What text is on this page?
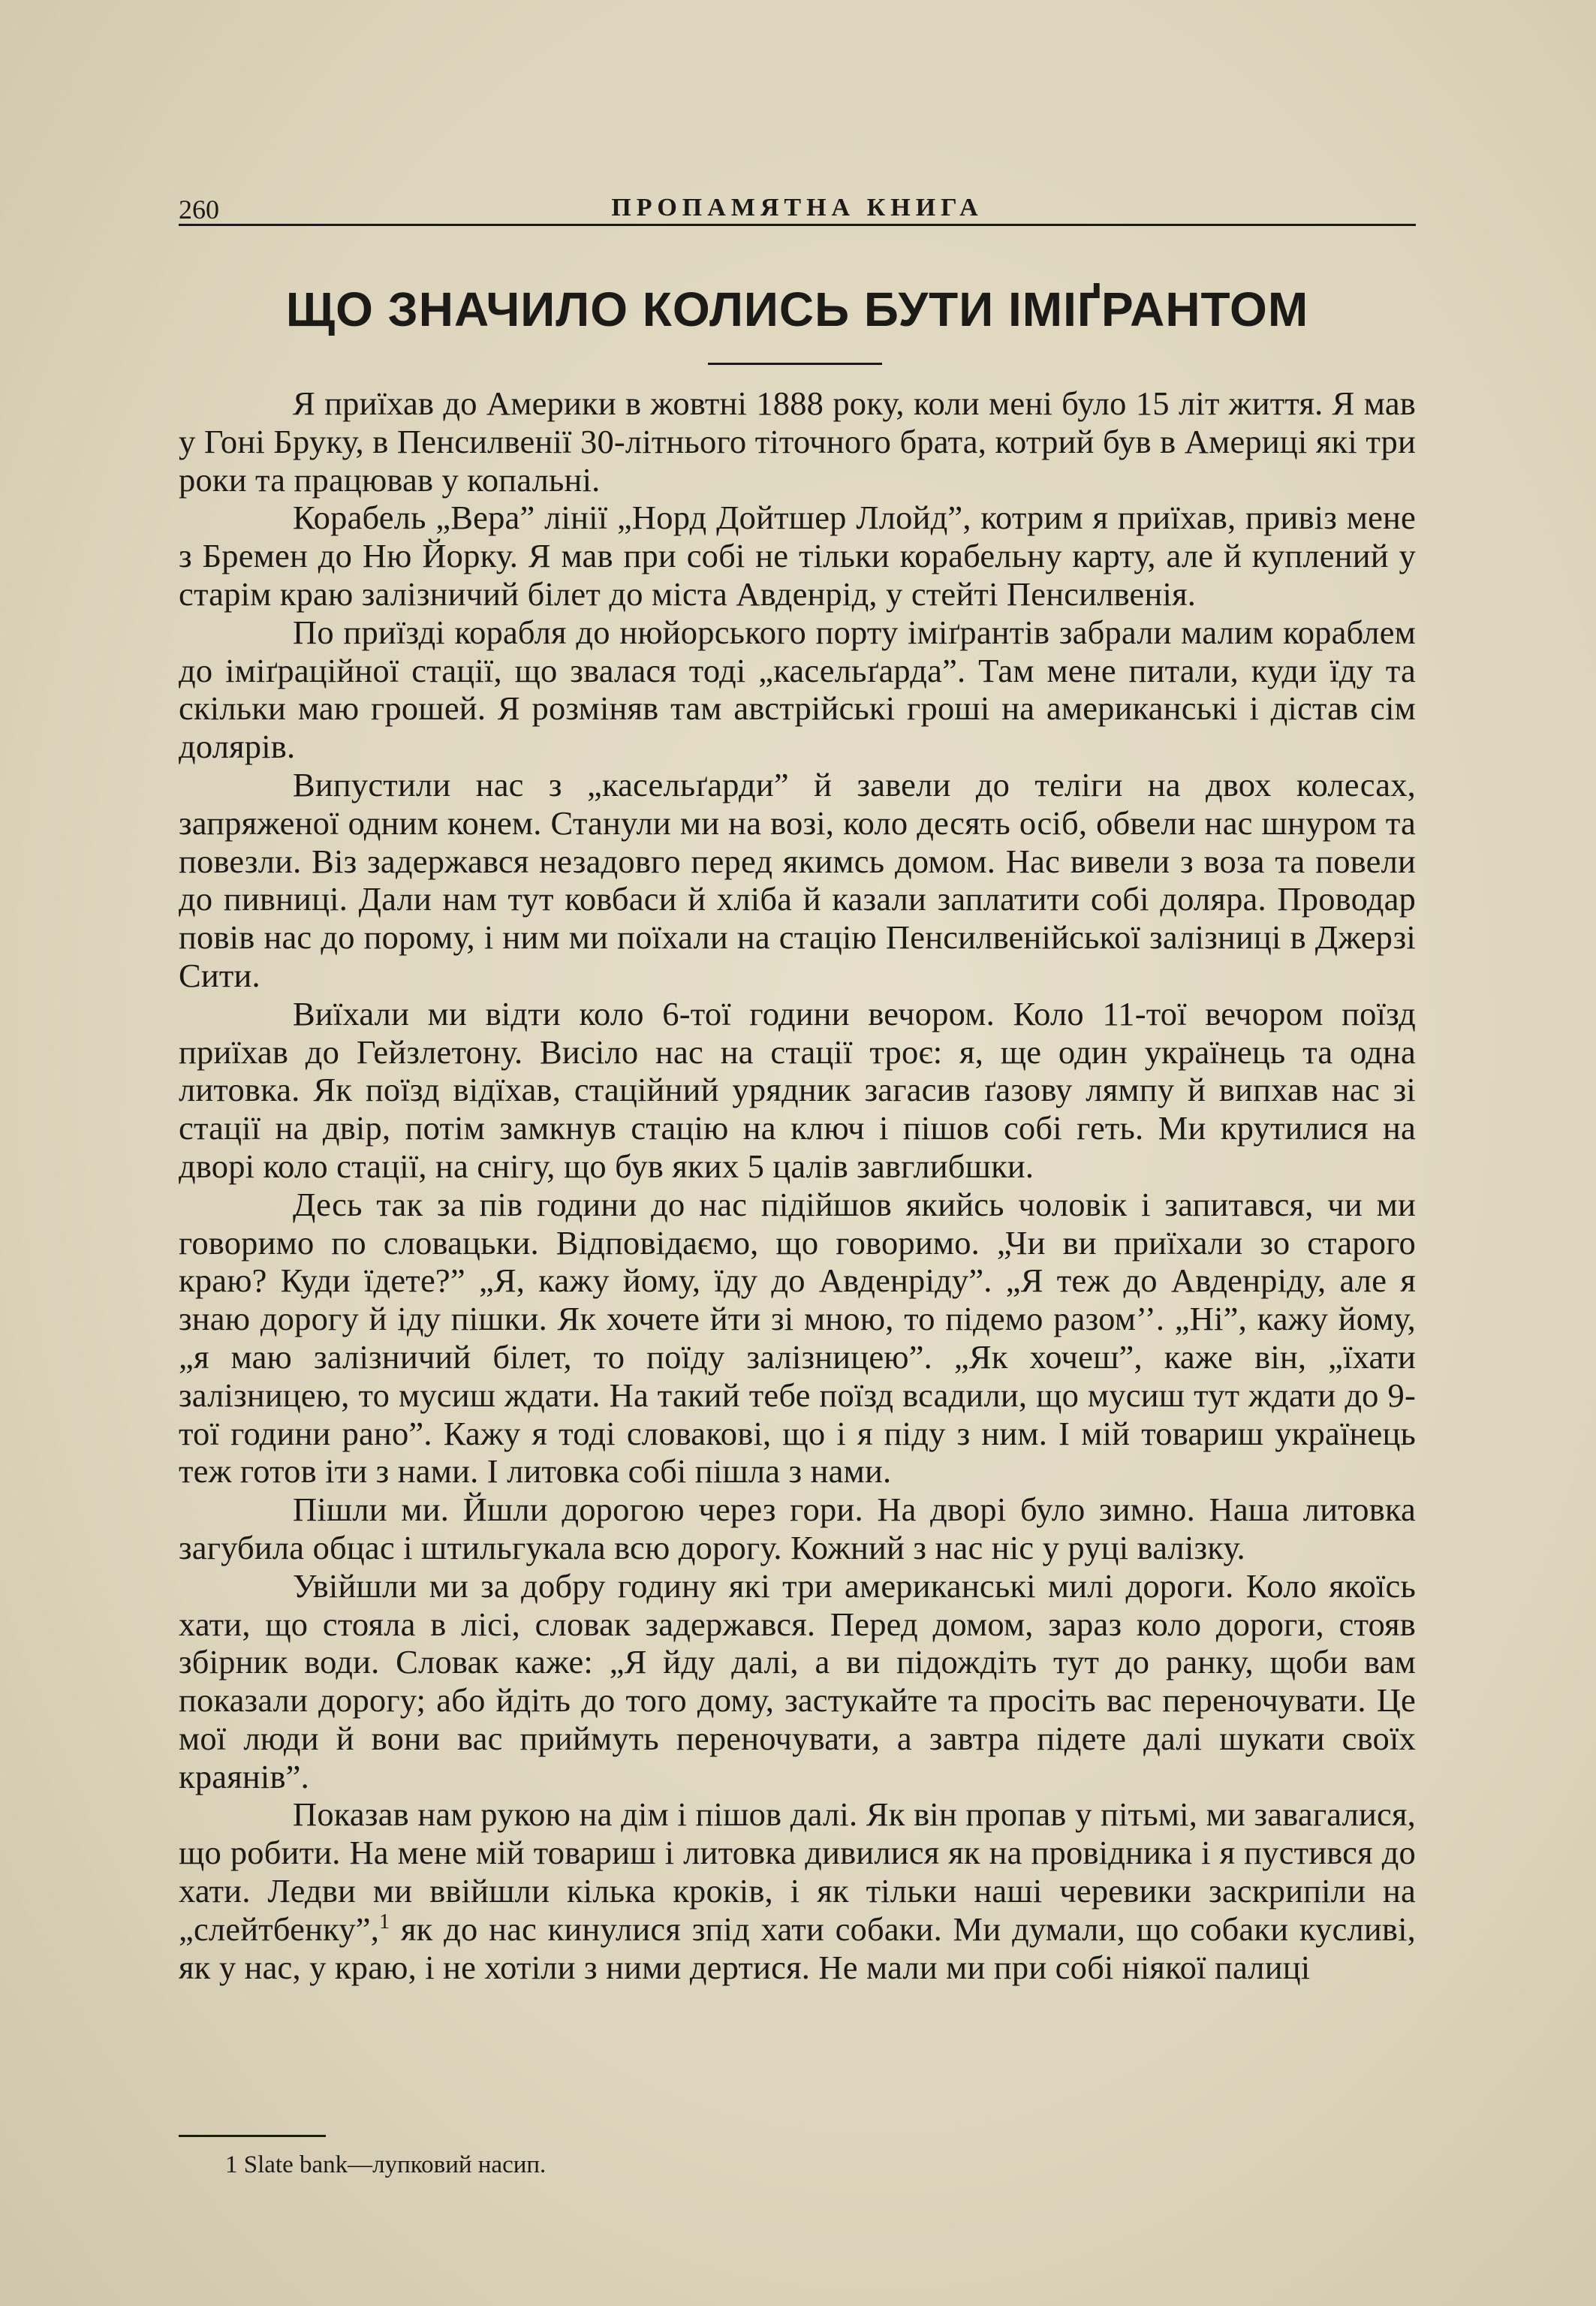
260	ПРОПАМЯТНА КНИГА
ЩО ЗНАЧИЛО КОЛИСЬ БУТИ ІМІҐРАНТОМ

Я приїхав до Америки в жовтні 1888 року, коли мені було 15 літ життя. Я мав у Гоні Бруку, в Пенсилвенії 30-літнього тіточного брата, котрий був в Америці які три роки та працював у копальні.

Корабель „Вера” лінії „Норд Дойтшер Ллойд”, котрим я приїхав, привіз мене з Бремен до Ню Йорку. Я мав при собі не тільки корабельну карту, але й куплений у старім краю залізничий білет до міста Авденрід, у стейті Пенсилвенія.

По приїзді корабля до нюйорського порту іміґрантів забрали малим кораблем до іміґраційної стації, що звалася тоді „касельґарда”. Там мене питали, куди їду та скільки маю грошей. Я розміняв там австрійські гроші на американські і дістав сім долярів.

Випустили нас з „касельґарди” й завели до теліги на двох колесах, запряженої одним конем. Станули ми на возі, коло десять осіб, обвели нас шнуром та повезли. Віз задержався незадовго перед якимсь домом. Нас вивели з воза та повели до пивниці. Дали нам тут ковбаси й хліба й казали заплатити собі доляра. Проводар повів нас до порому, і ним ми поїхали на стацію Пенсилвенійської залізниці в Джерзі Сити.

Виїхали ми відти коло 6-тої години вечором. Коло 11-тої вечором поїзд приїхав до Гейзлетону. Висіло нас на стації троє: я, ще один українець та одна литовка. Як поїзд відїхав, стаційний урядник загасив ґазову лямпу й випхав нас зі стації на двір, потім замкнув стацію на ключ і пішов собі геть. Ми крутилися на дворі коло стації, на снігу, що був яких 5 цалів завглибшки.

Десь так за пів години до нас підійшов якийсь чоловік і запитався, чи ми говоримо по словацьки. Відповідаємо, що говоримо. „Чи ви приїхали зо старого краю? Куди їдете?” „Я, кажу йому, їду до Авденріду”. „Я теж до Авденріду, але я знаю дорогу й іду пішки. Як хочете йти зі мною, то підемо разом’’. „Ні”, кажу йому, „я маю залізничий білет, то поїду залізницею”. „Як хочеш”, каже він, „їхати залізницею, то мусиш ждати. На такий тебе поїзд всадили, що мусиш тут ждати до 9-тої години рано”. Кажу я тоді словакові, що і я піду з ним. І мій товариш українець теж готов іти з нами. І литовка собі пішла з нами.

Пішли ми. Йшли дорогою через гори. На дворі було зимно. Наша литовка загубила обцас і штильгукала всю дорогу. Кожний з нас ніс у руці валізку.

Увійшли ми за добру годину які три американські милі дороги. Коло якоїсь хати, що стояла в лісі, словак задержався. Перед домом, зараз коло дороги, стояв збірник води. Словак каже: „Я йду далі, а ви підождіть тут до ранку, щоби вам показали дорогу; або йдіть до того дому, застукайте та просіть вас переночувати. Це мої люди й вони вас приймуть переночувати, а завтра підете далі шукати своїх краянів”.

Показав нам рукою на дім і пішов далі. Як він пропав у пітьмі, ми завагалися, що робити. На мене мій товариш і литовка дивилися як на провідника і я пустився до хати. Ледви ми ввійшли кілька кроків, і як тільки наші черевики заскрипіли на „слейтбенку”,$^1$ як до нас кинулися зпід хати собаки. Ми думали, що собаки кусливі, як у нас, у краю, і не хотіли з ними дертися. Не мали ми при собі ніякої палиці

1 Slate bank—лупковий насип.
